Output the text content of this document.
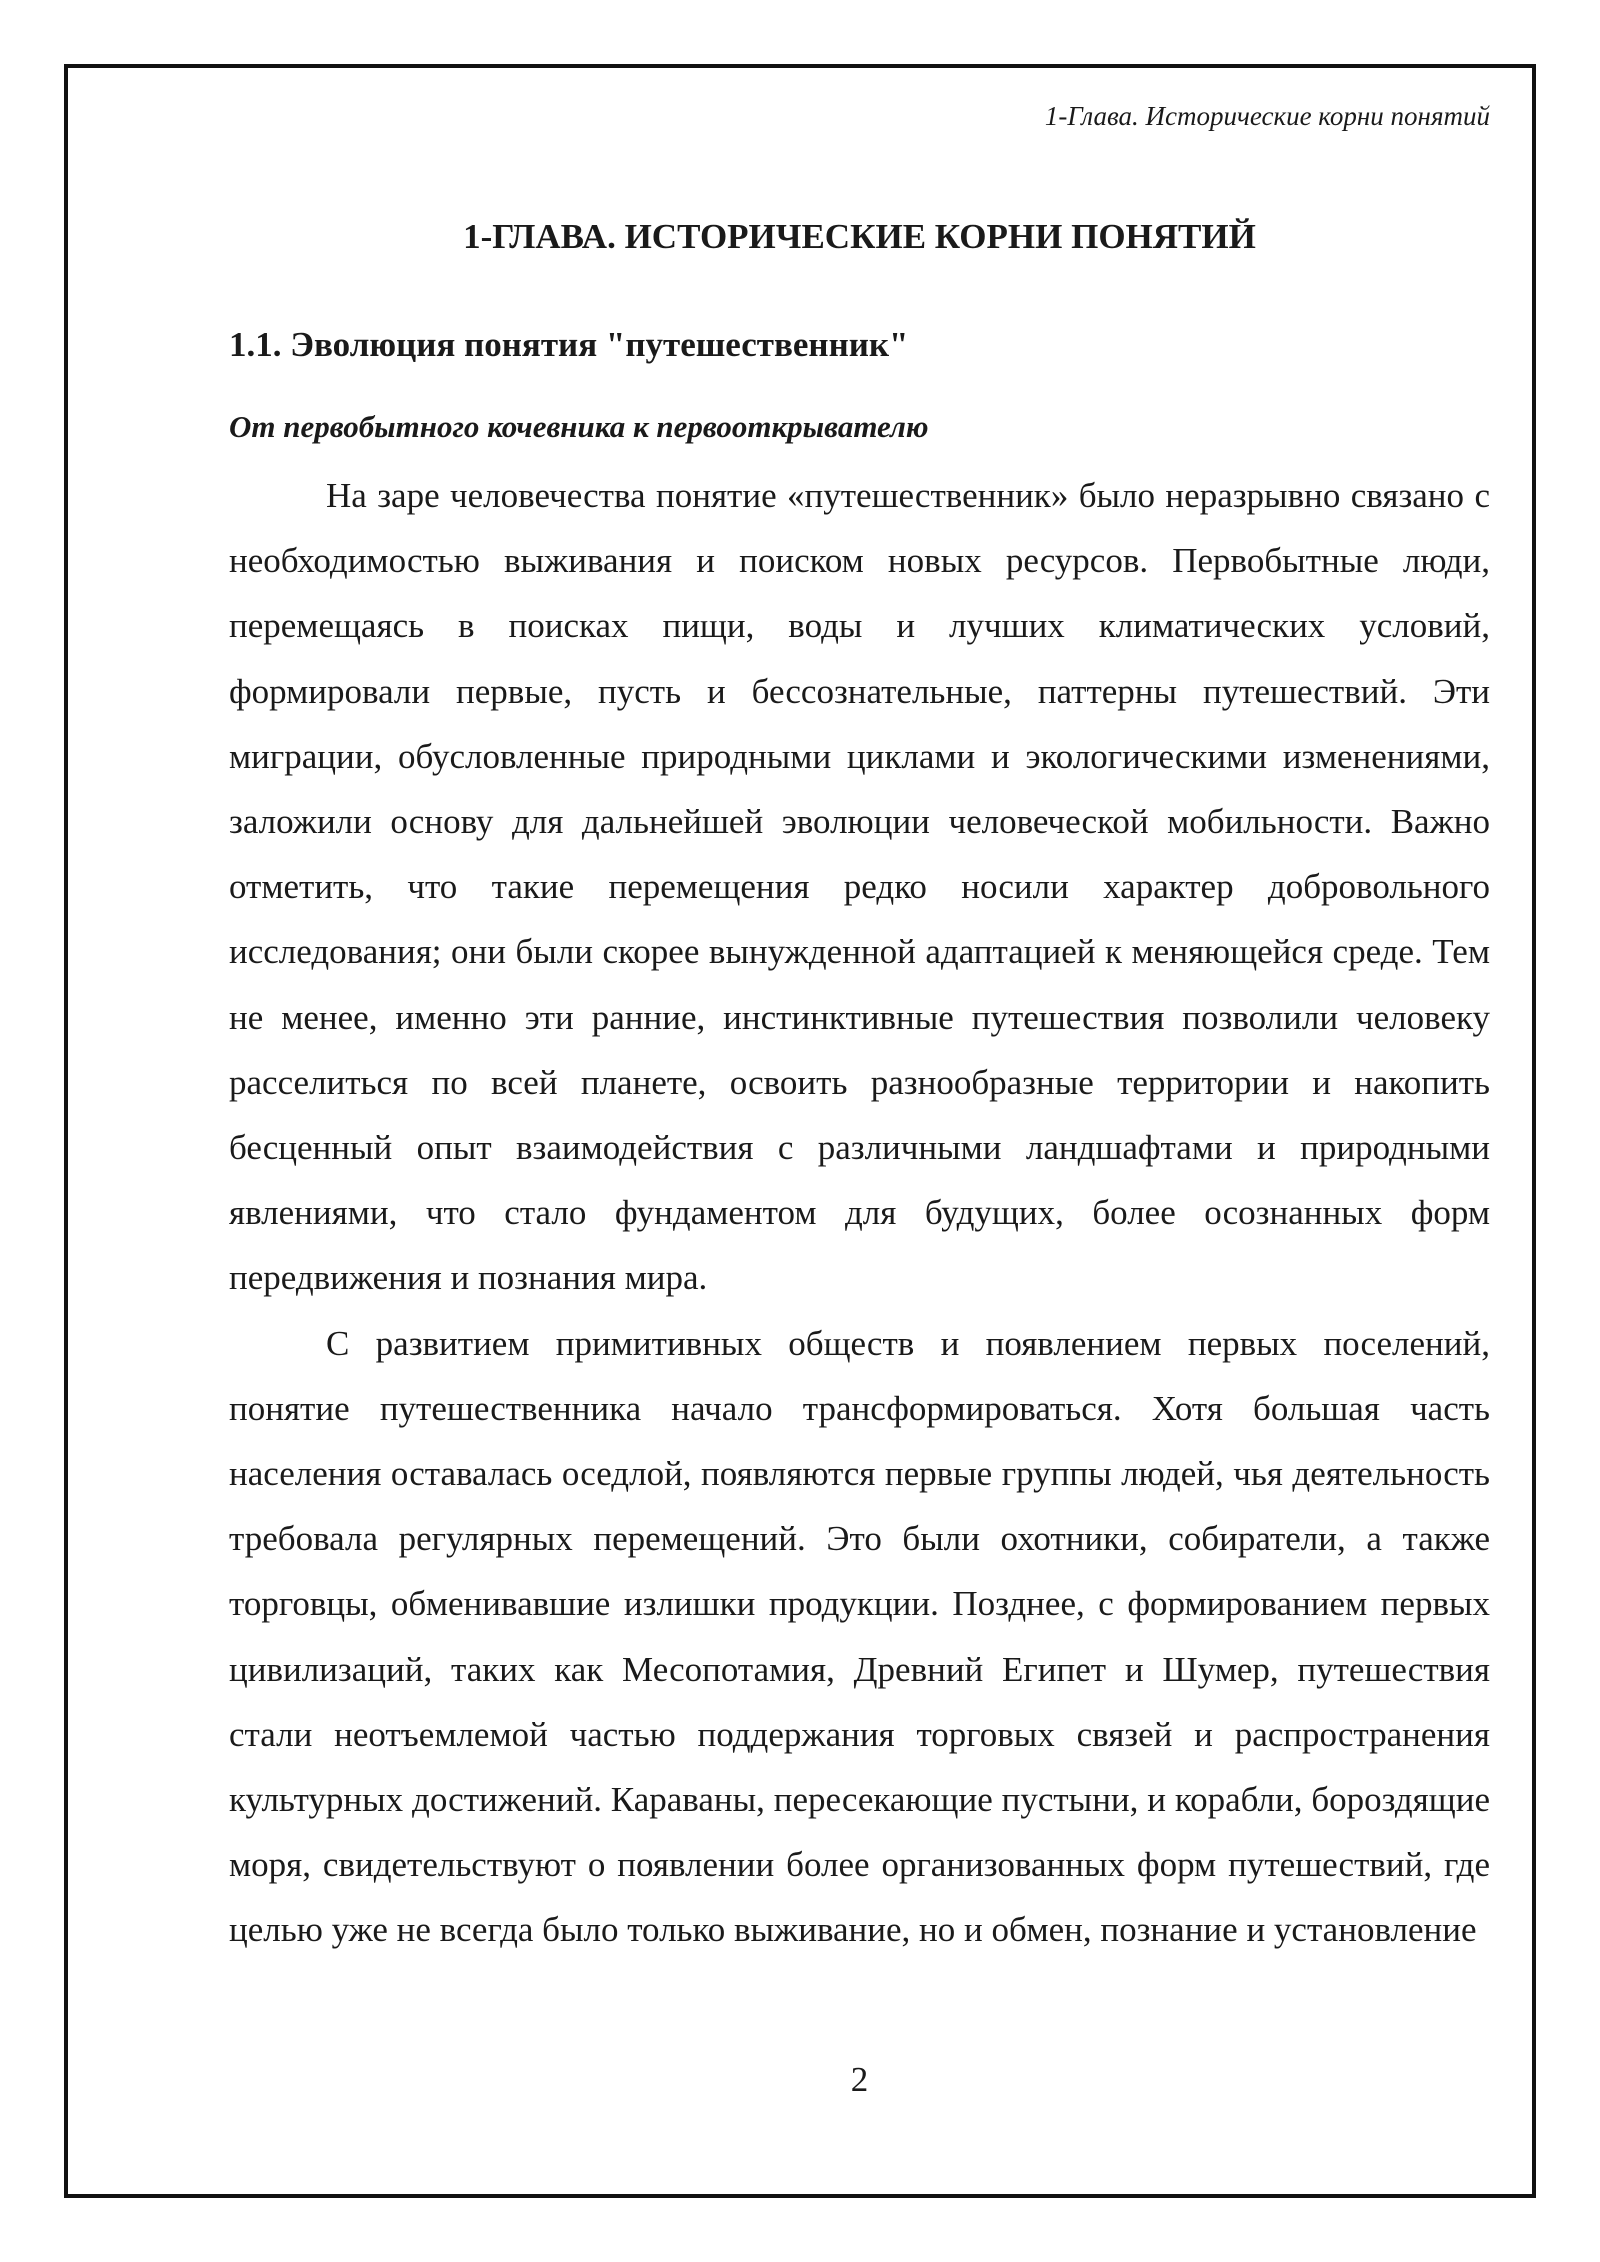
1-Глава. Исторические корни понятий
1-ГЛАВА. ИСТОРИЧЕСКИЕ КОРНИ ПОНЯТИЙ
1.1. Эволюция понятия "путешественник"
От первобытного кочевника к первооткрывателю

На заре человечества понятие «путешественник» было неразрывно связано с необходимостью выживания и поиском новых ресурсов. Первобытные люди, перемещаясь в поисках пищи, воды и лучших климатических условий, формировали первые, пусть и бессознательные, паттерны путешествий. Эти миграции, обусловленные природными циклами и экологическими изменениями, заложили основу для дальнейшей эволюции человеческой мобильности. Важно отметить, что такие перемещения редко носили характер добровольного исследования; они были скорее вынужденной адаптацией к меняющейся среде. Тем не менее, именно эти ранние, инстинктивные путешествия позволили человеку расселиться по всей планете, освоить разнообразные территории и накопить бесценный опыт взаимодействия с различными ландшафтами и природными явлениями, что стало фундаментом для будущих, более осознанных форм передвижения и познания мира.

С развитием примитивных обществ и появлением первых поселений, понятие путешественника начало трансформироваться. Хотя большая часть населения оставалась оседлой, появляются первые группы людей, чья деятельность требовала регулярных перемещений. Это были охотники, собиратели, а также торговцы, обменивавшие излишки продукции. Позднее, с формированием первых цивилизаций, таких как Месопотамия, Древний Египет и Шумер, путешествия стали неотъемлемой частью поддержания торговых связей и распространения культурных достижений. Караваны, пересекающие пустыни, и корабли, бороздящие моря, свидетельствуют о появлении более организованных форм путешествий, где целью уже не всегда было только выживание, но и обмен, познание и установление

2
